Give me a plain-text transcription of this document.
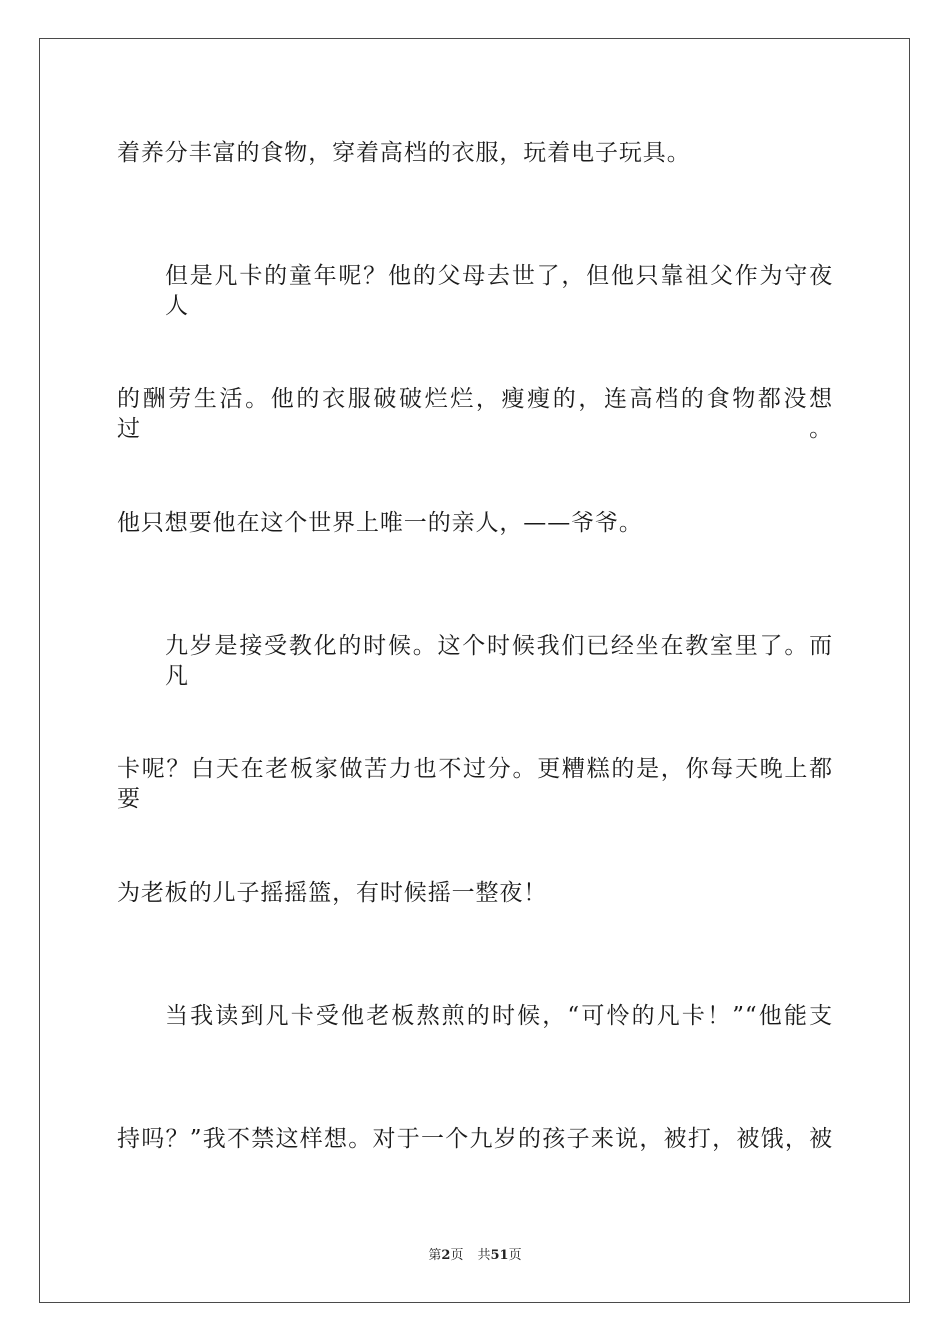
着养分丰富的食物，穿着高档的衣服，玩着电子玩具。
但是凡卡的童年呢？他的父母去世了，但他只靠祖父作为守夜人
的酬劳生活。他的衣服破破烂烂，瘦瘦的，连高档的食物都没想过。
他只想要他在这个世界上唯一的亲人，——爷爷。
九岁是接受教化的时候。这个时候我们已经坐在教室里了。而凡
卡呢？白天在老板家做苦力也不过分。更糟糕的是，你每天晚上都要
为老板的儿子摇摇篮，有时候摇一整夜！
当我读到凡卡受他老板熬煎的时候，“可怜的凡卡！”“他能支
持吗？”我不禁这样想。对于一个九岁的孩子来说，被打，被饿，被
第2页 共51页
